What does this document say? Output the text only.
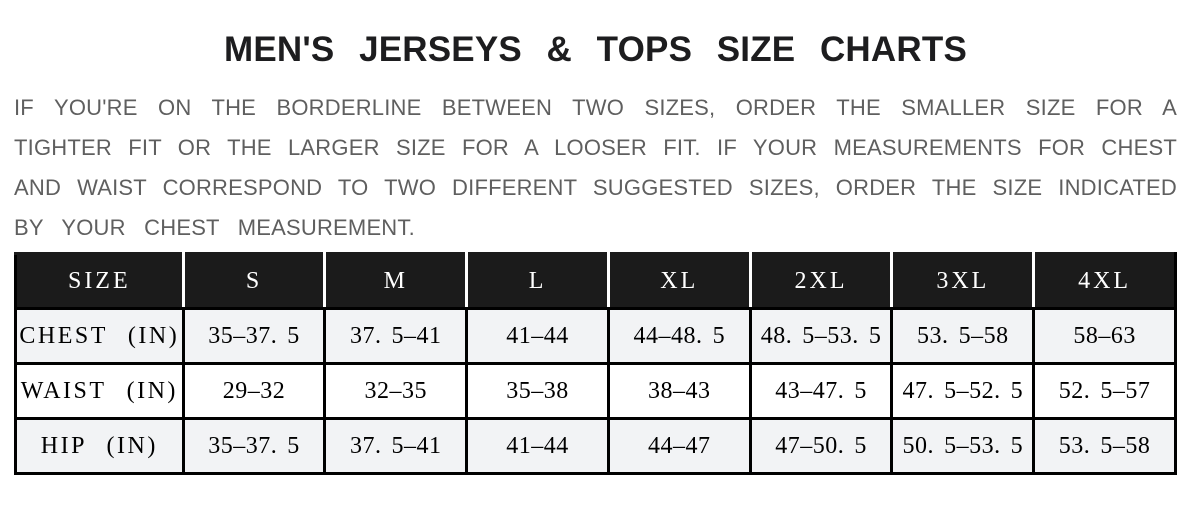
MEN'S JERSEYS & TOPS SIZE CHARTS
IF YOU'RE ON THE BORDERLINE BETWEEN TWO SIZES, ORDER THE SMALLER SIZE FOR A
TIGHTER FIT OR THE LARGER SIZE FOR A LOOSER FIT. IF YOUR MEASUREMENTS FOR CHEST
AND WAIST CORRESPOND TO TWO DIFFERENT SUGGESTED SIZES, ORDER THE SIZE INDICATED
BY YOUR CHEST MEASUREMENT.
SIZE	S	M	L	XL	2XL	3XL	4XL
CHEST (IN)	35–37. 5	37. 5–41	41–44	44–48. 5	48. 5–53. 5	53. 5–58	58–63
WAIST (IN)	29–32	32–35	35–38	38–43	43–47. 5	47. 5–52. 5	52. 5–57
HIP (IN)	35–37. 5	37. 5–41	41–44	44–47	47–50. 5	50. 5–53. 5	53. 5–58
